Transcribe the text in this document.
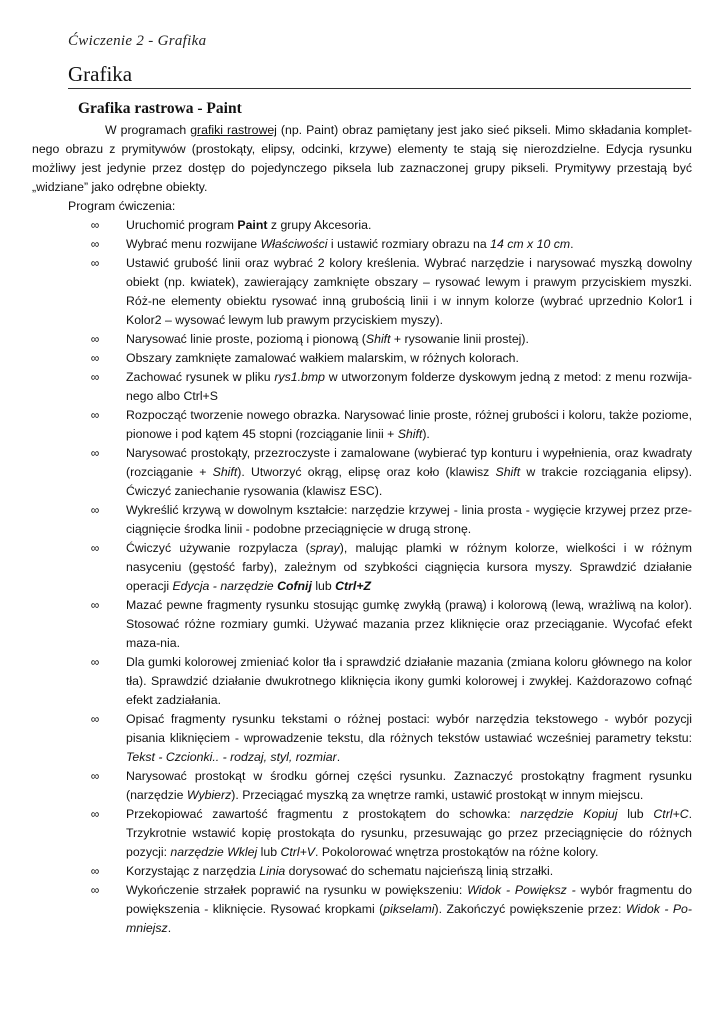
Ćwiczenie 2 - Grafika
Grafika
Grafika rastrowa - Paint

W programach grafiki rastrowej (np. Paint) obraz pamiętany jest jako sieć pikseli. Mimo składania komplet-nego obrazu z prymitywów (prostokąty, elipsy, odcinki, krzywe) elementy te stają się nierozdzielne. Edycja rysunku możliwy jest jedynie przez dostęp do pojedynczego piksela lub zaznaczonej grupy pikseli. Prymitywy przestają być „widziane” jako odrębne obiekty.

Program ćwiczenia:

∞ Uruchomić program Paint z grupy Akcesoria.
∞ Wybrać menu rozwijane Właściwości i ustawić rozmiary obrazu na 14 cm x 10 cm.
∞ Ustawić grubość linii oraz wybrać 2 kolory kreślenia. Wybrać narzędzie i narysować myszką dowolny obiekt (np. kwiatek), zawierający zamknięte obszary – rysować lewym i prawym przyciskiem myszki. Róż-ne elementy obiektu rysować inną grubością linii i w innym kolorze (wybrać uprzednio Kolor1 i Kolor2 – wysować lewym lub prawym przyciskiem myszy).
∞ Narysować linie proste, poziomą i pionową (Shift + rysowanie linii prostej).
∞ Obszary zamknięte zamalować wałkiem malarskim, w różnych kolorach.
∞ Zachować rysunek w pliku rys1.bmp w utworzonym folderze dyskowym jedną z metod: z menu rozwija-nego albo Ctrl+S
∞ Rozpocząć tworzenie nowego obrazka. Narysować linie proste, różnej grubości i koloru, także poziome, pionowe i pod kątem 45 stopni (rozciąganie linii + Shift).
∞ Narysować prostokąty, przezroczyste i zamalowane (wybierać typ konturu i wypełnienia, oraz kwadraty (rozciąganie + Shift). Utworzyć okrąg, elipsę oraz koło (klawisz Shift w trakcie rozciągania elipsy). Ćwiczyć zaniechanie rysowania (klawisz ESC).
∞ Wykreślić krzywą w dowolnym kształcie: narzędzie krzywej - linia prosta - wygięcie krzywej przez prze-ciągnięcie środka linii - podobne przeciągnięcie w drugą stronę.
∞ Ćwiczyć używanie rozpylacza (spray), malując plamki w różnym kolorze, wielkości i w różnym nasyceniu (gęstość farby), zależnym od szybkości ciągnięcia kursora myszy. Sprawdzić działanie operacji Edycja - narzędzie Cofnij lub Ctrl+Z
∞ Mazać pewne fragmenty rysunku stosując gumkę zwykłą (prawą) i kolorową (lewą, wrażliwą na kolor). Stosować różne rozmiary gumki. Używać mazania przez kliknięcie oraz przeciąganie. Wycofać efekt maza-nia.
∞ Dla gumki kolorowej zmieniać kolor tła i sprawdzić działanie mazania (zmiana koloru głównego na kolor tła). Sprawdzić działanie dwukrotnego kliknięcia ikony gumki kolorowej i zwykłej. Każdorazowo cofnąć efekt zadziałania.
∞ Opisać fragmenty rysunku tekstami o różnej postaci: wybór narzędzia tekstowego - wybór pozycji pisania kliknięciem - wprowadzenie tekstu, dla różnych tekstów ustawiać wcześniej parametry tekstu: Tekst - Czcionki.. - rodzaj, styl, rozmiar.
∞ Narysować prostokąt w środku górnej części rysunku. Zaznaczyć prostokątny fragment rysunku (narzędzie Wybierz). Przeciągać myszką za wnętrze ramki, ustawić prostokąt w innym miejscu.
∞ Przekopiować zawartość fragmentu z prostokątem do schowka: narzędzie Kopiuj lub Ctrl+C. Trzykrotnie wstawić kopię prostokąta do rysunku, przesuwając go przez przeciągnięcie do różnych pozycji: narzędzie Wklej lub Ctrl+V. Pokolorować wnętrza prostokątów na różne kolory.
∞ Korzystając z narzędzia Linia dorysować do schematu najcieńszą linią strzałki.
∞ Wykończenie strzałek poprawić na rysunku w powiększeniu: Widok - Powiększ - wybór fragmentu do powiększenia - kliknięcie. Rysować kropkami (pikselami). Zakończyć powiększenie przez: Widok - Po-mniejsz.
